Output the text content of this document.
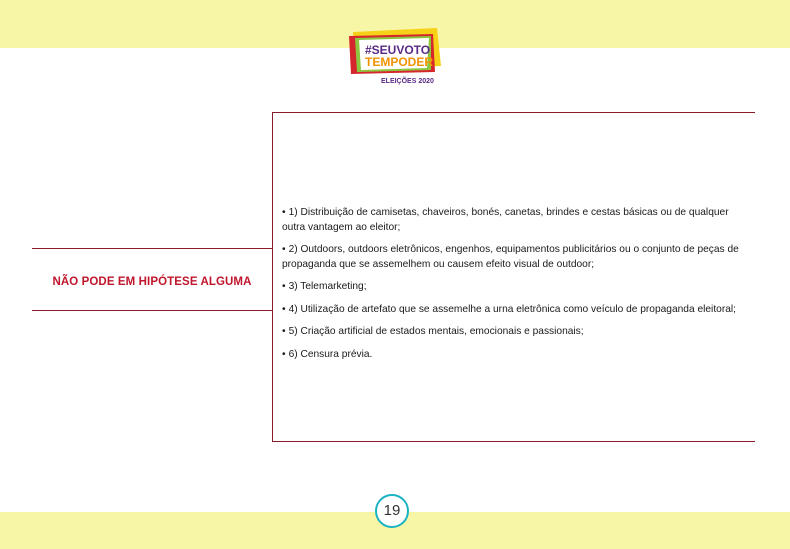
#SEUVOTO
TEMPODER
ELEIÇÕES 2020
NÃO PODE EM HIPÓTESE ALGUMA
• 1) Distribuição de camisetas, chaveiros, bonés, canetas, brindes e cestas básicas ou de qualquer outra vantagem ao eleitor;
• 2) Outdoors, outdoors eletrônicos, engenhos, equipamentos publicitários ou o conjunto de peças de propaganda que se assemelhem ou causem efeito visual de outdoor;
• 3) Telemarketing;
• 4) Utilização de artefato que se assemelhe a urna eletrônica como veículo de propaganda eleitoral;
• 5) Criação artificial de estados mentais, emocionais e passionais;
• 6) Censura prévia.
19
